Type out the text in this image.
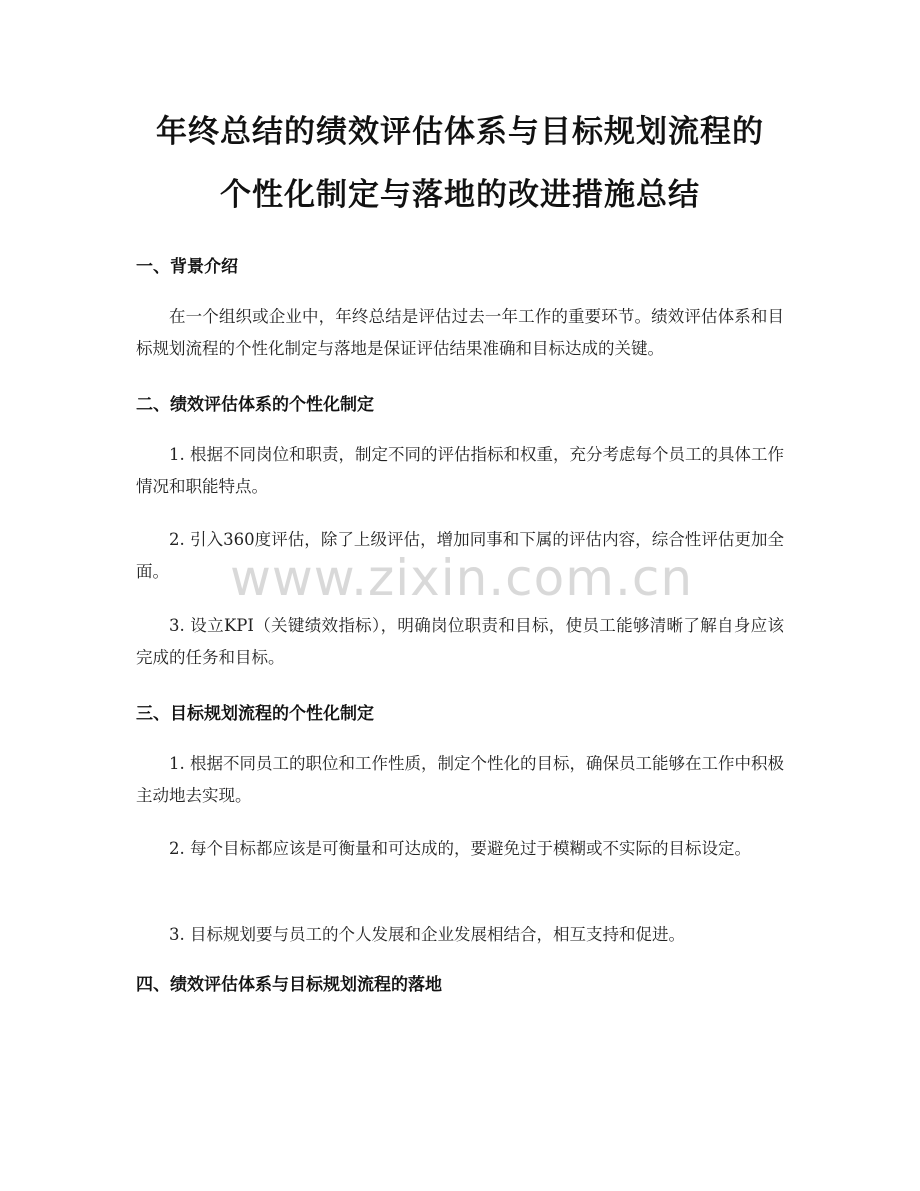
年终总结的绩效评估体系与目标规划流程的
个性化制定与落地的改进措施总结
一、背景介绍
在一个组织或企业中，年终总结是评估过去一年工作的重要环节。绩效评估体系和目标规划流程的个性化制定与落地是保证评估结果准确和目标达成的关键。
二、绩效评估体系的个性化制定
1. 根据不同岗位和职责，制定不同的评估指标和权重，充分考虑每个员工的具体工作情况和职能特点。
2. 引入360度评估，除了上级评估，增加同事和下属的评估内容，综合性评估更加全面。
3. 设立KPI（关键绩效指标），明确岗位职责和目标，使员工能够清晰了解自身应该完成的任务和目标。
三、目标规划流程的个性化制定
1. 根据不同员工的职位和工作性质，制定个性化的目标，确保员工能够在工作中积极主动地去实现。
2. 每个目标都应该是可衡量和可达成的，要避免过于模糊或不实际的目标设定。
3. 目标规划要与员工的个人发展和企业发展相结合，相互支持和促进。
四、绩效评估体系与目标规划流程的落地
www.zixin.com.cn
